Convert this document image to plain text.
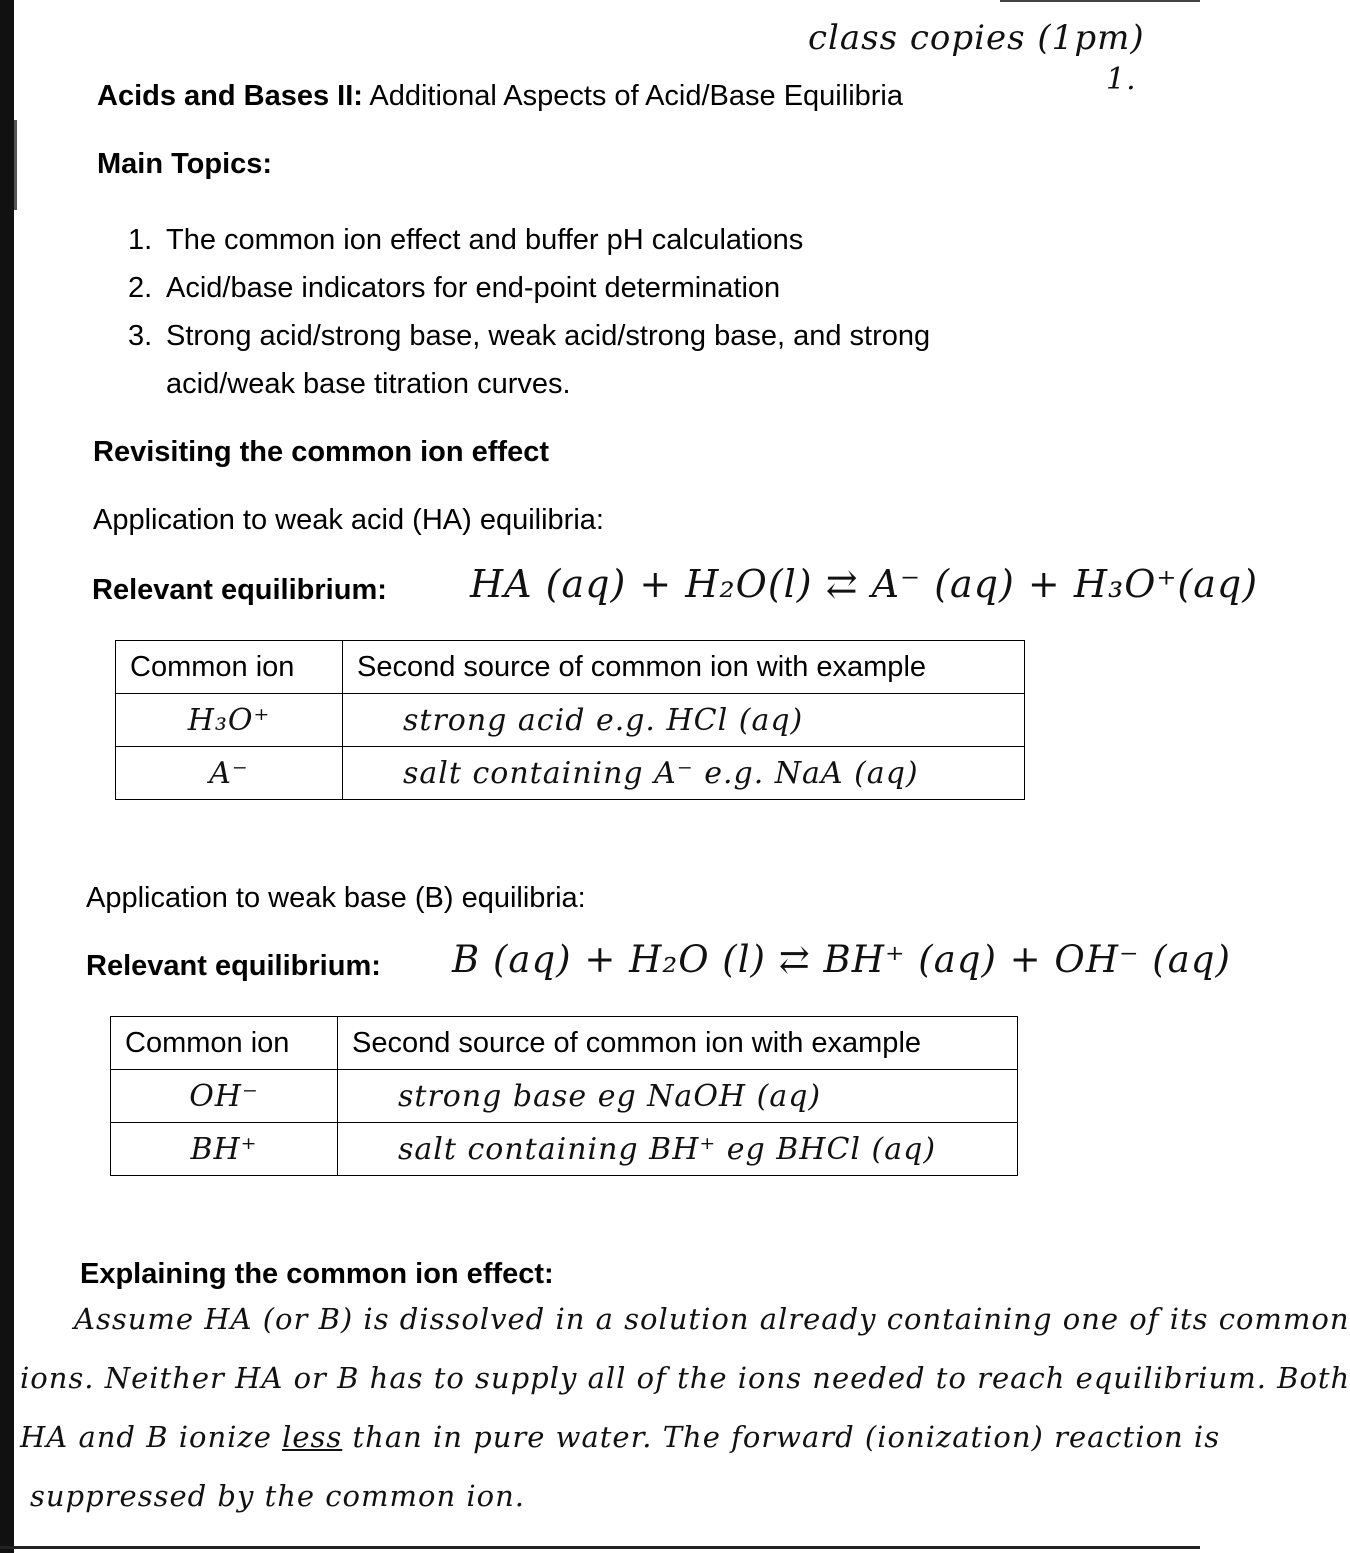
class copies (1pm)
1.
Acids and Bases II: Additional Aspects of Acid/Base Equilibria
Main Topics:
1. The common ion effect and buffer pH calculations
2. Acid/base indicators for end-point determination
3. Strong acid/strong base, weak acid/strong base, and strong acid/weak base titration curves.
Revisiting the common ion effect
Application to weak acid (HA) equilibria:
Relevant equilibrium: HA (aq) + H₂O(l) ⇄ A⁻ (aq) + H₃O⁺(aq)
Common ion	Second source of common ion with example
H₃O⁺	strong acid e.g. HCl (aq)
A⁻	salt containing A⁻ e.g. NaA (aq)
Application to weak base (B) equilibria:
Relevant equilibrium: B (aq) + H₂O (l) ⇄ BH⁺ (aq) + OH⁻ (aq)
Common ion	Second source of common ion with example
OH⁻	strong base eg NaOH (aq)
BH⁺	salt containing BH⁺ eg BHCl (aq)
Explaining the common ion effect:
Assume HA (or B) is dissolved in a solution already containing one of its common
ions. Neither HA or B has to supply all of the ions needed to reach equilibrium. Both
HA and B ionize less than in pure water. The forward (ionization) reaction is
suppressed by the common ion.
